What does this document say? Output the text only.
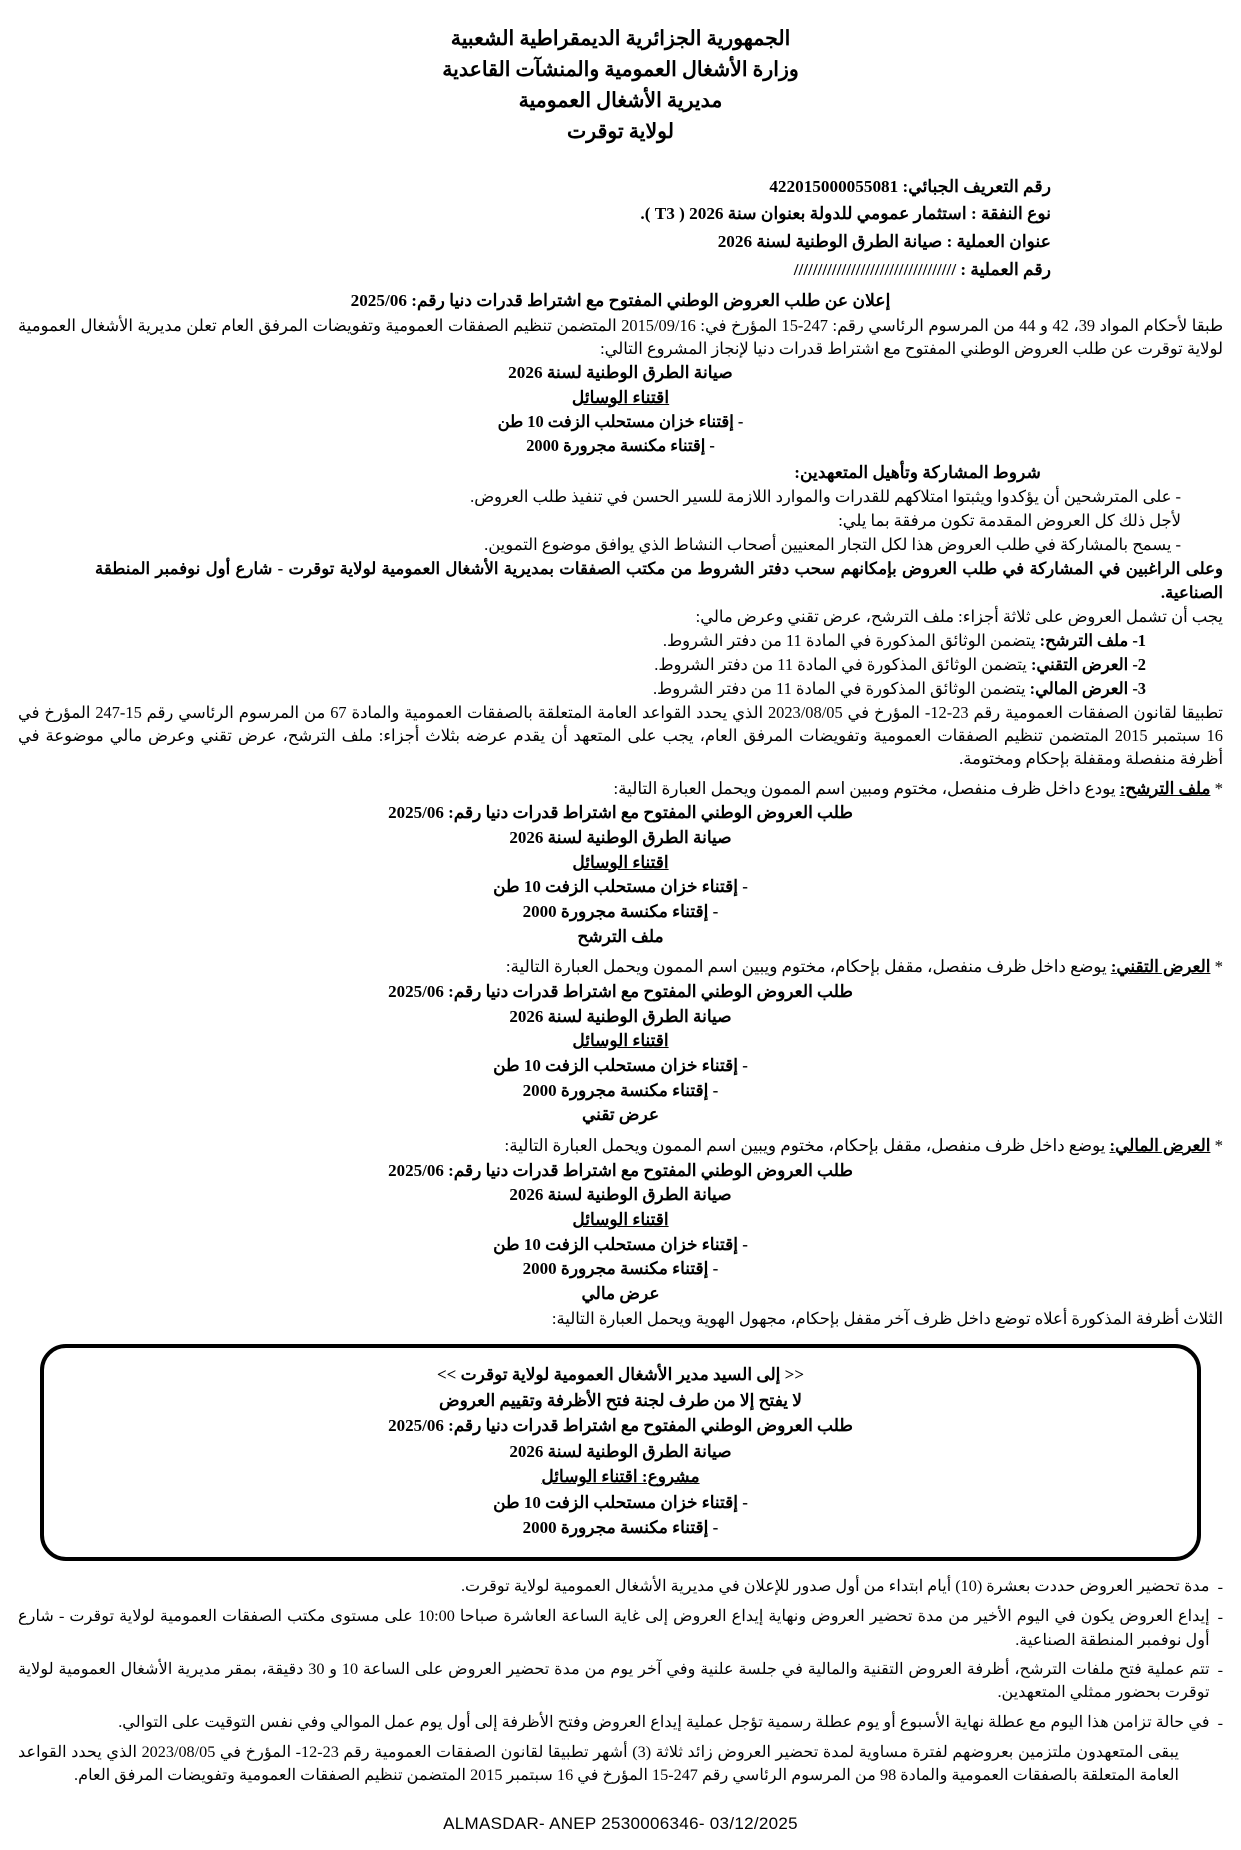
الجمهورية الجزائرية الديمقراطية الشعبية
وزارة الأشغال العمومية والمنشآت القاعدية
مديرية الأشغال العمومية
لولاية توقرت
رقم التعريف الجبائي: 422015000055081
نوع النفقة : استثمار عمومي للدولة بعنوان سنة 2026 ( T3 ).
عنوان العملية : صيانة الطرق الوطنية لسنة 2026
رقم العملية : //////////////////////////////////
إعلان عن طلب العروض الوطني المفتوح مع اشتراط قدرات دنيا رقم: 2025/06
طبقا لأحكام المواد 39، 42 و 44 من المرسوم الرئاسي رقم: 247-15 المؤرخ في: 2015/09/16 المتضمن تنظيم الصفقات العمومية وتفويضات المرفق العام تعلن مديرية الأشغال العمومية لولاية توقرت عن طلب العروض الوطني المفتوح مع اشتراط قدرات دنيا لإنجاز المشروع التالي:
صيانة الطرق الوطنية لسنة 2026
اقتناء الوسائل
- إقتناء خزان مستحلب الزفت 10 طن
- إقتناء مكنسة مجرورة 2000
شروط المشاركة وتأهيل المتعهدين:
- على المترشحين أن يؤكدوا ويثبتوا امتلاكهم للقدرات والموارد اللازمة للسير الحسن في تنفيذ طلب العروض.
لأجل ذلك كل العروض المقدمة تكون مرفقة بما يلي:
- يسمح بالمشاركة في طلب العروض هذا لكل التجار المعنيين أصحاب النشاط الذي يوافق موضوع التموين.
وعلى الراغبين في المشاركة في طلب العروض بإمكانهم سحب دفتر الشروط من مكتب الصفقات بمديرية الأشغال العمومية لولاية توقرت - شارع أول نوفمبر المنطقة الصناعية.
يجب أن تشمل العروض على ثلاثة أجزاء: ملف الترشح، عرض تقني وعرض مالي:
1- ملف الترشح: يتضمن الوثائق المذكورة في المادة 11 من دفتر الشروط.
2- العرض التقني: يتضمن الوثائق المذكورة في المادة 11 من دفتر الشروط.
3- العرض المالي: يتضمن الوثائق المذكورة في المادة 11 من دفتر الشروط.
تطبيقا لقانون الصفقات العمومية رقم 23-12- المؤرخ في 2023/08/05 الذي يحدد القواعد العامة المتعلقة بالصفقات العمومية والمادة 67 من المرسوم الرئاسي رقم 15-247 المؤرخ في 16 سبتمبر 2015 المتضمن تنظيم الصفقات العمومية وتفويضات المرفق العام، يجب على المتعهد أن يقدم عرضه بثلاث أجزاء: ملف الترشح، عرض تقني وعرض مالي موضوعة في أظرفة منفصلة ومقفلة بإحكام ومختومة.
* ملف الترشح: يودع داخل ظرف منفصل، مختوم ومبين اسم الممون ويحمل العبارة التالية:
طلب العروض الوطني المفتوح مع اشتراط قدرات دنيا رقم: 2025/06
صيانة الطرق الوطنية لسنة 2026
اقتناء الوسائل
- إقتناء خزان مستحلب الزفت 10 طن
- إقتناء مكنسة مجرورة 2000
ملف الترشح
* العرض التقني: يوضع داخل ظرف منفصل، مقفل بإحكام، مختوم ويبين اسم الممون ويحمل العبارة التالية:
طلب العروض الوطني المفتوح مع اشتراط قدرات دنيا رقم: 2025/06
صيانة الطرق الوطنية لسنة 2026
اقتناء الوسائل
- إقتناء خزان مستحلب الزفت 10 طن
- إقتناء مكنسة مجرورة 2000
عرض تقني
* العرض المالي: يوضع داخل ظرف منفصل، مقفل بإحكام، مختوم ويبين اسم الممون ويحمل العبارة التالية:
طلب العروض الوطني المفتوح مع اشتراط قدرات دنيا رقم: 2025/06
صيانة الطرق الوطنية لسنة 2026
اقتناء الوسائل
- إقتناء خزان مستحلب الزفت 10 طن
- إقتناء مكنسة مجرورة 2000
عرض مالي
الثلاث أظرفة المذكورة أعلاه توضع داخل ظرف آخر مقفل بإحكام، مجهول الهوية ويحمل العبارة التالية:
<< إلى السيد مدير الأشغال العمومية لولاية توقرت >>
لا يفتح إلا من طرف لجنة فتح الأظرفة وتقييم العروض
طلب العروض الوطني المفتوح مع اشتراط قدرات دنيا رقم: 2025/06
صيانة الطرق الوطنية لسنة 2026
مشروع: اقتناء الوسائل
- إقتناء خزان مستحلب الزفت 10 طن
- إقتناء مكنسة مجرورة 2000
-
مدة تحضير العروض حددت بعشرة (10) أيام ابتداء من أول صدور للإعلان في مديرية الأشغال العمومية لولاية توقرت.
-
إيداع العروض يكون في اليوم الأخير من مدة تحضير العروض ونهاية إيداع العروض إلى غاية الساعة العاشرة صباحا 10:00 على مستوى مكتب الصفقات العمومية لولاية توقرت - شارع أول نوفمبر المنطقة الصناعية.
-
تتم عملية فتح ملفات الترشح، أظرفة العروض التقنية والمالية في جلسة علنية وفي آخر يوم من مدة تحضير العروض على الساعة 10 و 30 دقيقة، بمقر مديرية الأشغال العمومية لولاية توقرت بحضور ممثلي المتعهدين.
-
في حالة تزامن هذا اليوم مع عطلة نهاية الأسبوع أو يوم عطلة رسمية تؤجل عملية إيداع العروض وفتح الأظرفة إلى أول يوم عمل الموالي وفي نفس التوقيت على التوالي.
يبقى المتعهدون ملتزمين بعروضهم لفترة مساوية لمدة تحضير العروض زائد ثلاثة (3) أشهر تطبيقا لقانون الصفقات العمومية رقم 23-12- المؤرخ في 2023/08/05 الذي يحدد القواعد العامة المتعلقة بالصفقات العمومية والمادة 98 من المرسوم الرئاسي رقم 247-15 المؤرخ في 16 سبتمبر 2015 المتضمن تنظيم الصفقات العمومية وتفويضات المرفق العام.
ALMASDAR- ANEP 2530006346- 03/12/2025
